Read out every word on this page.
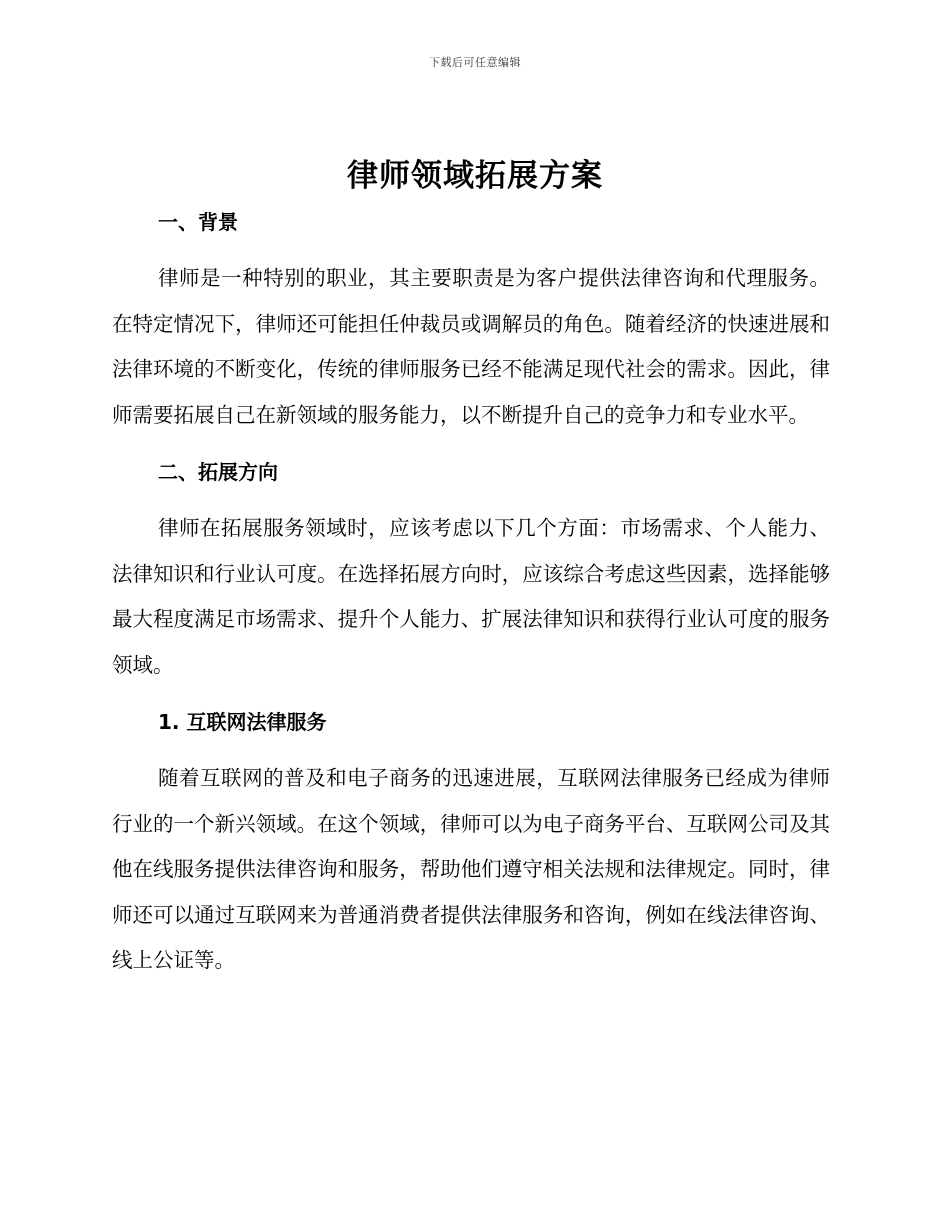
下载后可任意编辑
律师领域拓展方案
一、背景

律师是一种特别的职业，其主要职责是为客户提供法律咨询和代理服务。在特定情况下，律师还可能担任仲裁员或调解员的角色。随着经济的快速进展和法律环境的不断变化，传统的律师服务已经不能满足现代社会的需求。因此，律师需要拓展自己在新领域的服务能力，以不断提升自己的竞争力和专业水平。

二、拓展方向

律师在拓展服务领域时，应该考虑以下几个方面：市场需求、个人能力、法律知识和行业认可度。在选择拓展方向时，应该综合考虑这些因素，选择能够最大程度满足市场需求、提升个人能力、扩展法律知识和获得行业认可度的服务领域。

1. 互联网法律服务

随着互联网的普及和电子商务的迅速进展，互联网法律服务已经成为律师行业的一个新兴领域。在这个领域，律师可以为电子商务平台、互联网公司及其他在线服务提供法律咨询和服务，帮助他们遵守相关法规和法律规定。同时，律师还可以通过互联网来为普通消费者提供法律服务和咨询，例如在线法律咨询、线上公证等。
